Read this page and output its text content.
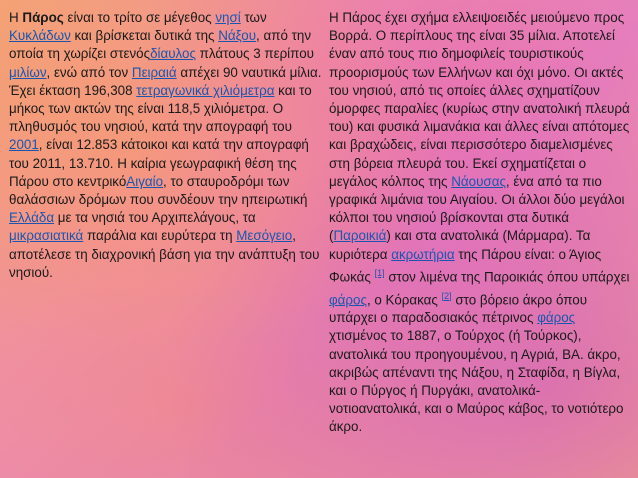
Η Πάρος είναι το τρίτο σε μέγεθος νησί των Κυκλάδων και βρίσκεται δυτικά της Νάξου, από την οποία τη χωρίζει στενόςδίαυλος πλάτους 3 περίπου μιλίων, ενώ από τον Πειραιά απέχει 90 ναυτικά μίλια. Έχει έκταση 196,308 τετραγωνικά χιλιόμετρα και το μήκος των ακτών της είναι 118,5 χιλιόμετρα. Ο πληθυσμός του νησιού, κατά την απογραφή του 2001, είναι 12.853 κάτοικοι και κατά την απογραφή του 2011, 13.710. Η καίρια γεωγραφική θέση της Πάρου στο κεντρικόΑιγαίο, το σταυροδρόμι των θαλάσσιων δρόμων που συνδέουν την ηπειρωτική Ελλάδα με τα νησιά του Αρχιπελάγους, τα μικρασιατικά παράλια και ευρύτερα τη Μεσόγειο, αποτέλεσε τη διαχρονική βάση για την ανάπτυξη του νησιού.

Η Πάρος έχει σχήμα ελλειψοειδές μειούμενο προς Βορρά. Ο περίπλους της είναι 35 μίλια. Αποτελεί έναν από τους πιο δημοφιλείς τουριστικούς προορισμούς των Ελλήνων και όχι μόνο. Οι ακτές του νησιού, από τις οποίες άλλες σχηματίζουν όμορφες παραλίες (κυρίως στην ανατολική πλευρά του) και φυσικά λιμανάκια και άλλες είναι απότομες και βραχώδεις, είναι περισσότερο διαμελισμένες στη βόρεια πλευρά του. Εκεί σχηματίζεται ο μεγάλος κόλπος της Νάουσας, ένα από τα πιο γραφικά λιμάνια του Αιγαίου. Οι άλλοι δύο μεγάλοι κόλποι του νησιού βρίσκονται στα δυτικά (Παροικιά) και στα ανατολικά (Μάρμαρα). Τα κυριότερα ακρωτήρια της Πάρου είναι: ο Άγιος Φωκάς [1] στον λιμένα της Παροικιάς όπου υπάρχει φάρος, ο Κόρακας [2] στο βόρειο άκρο όπου υπάρχει ο παραδοσιακός πέτρινος φάρος χτισμένος το 1887, ο Τούρχος (ή Τούρκος), ανατολικά του προηγουμένου, η Αγριά, ΒΑ. άκρο, ακριβώς απέναντι της Νάξου, η Σταφίδα, η Βίγλα, και ο Πύργος ή Πυργάκι, ανατολικά-νοτιοανατολικά, και ο Μαύρος κάβος, το νοτιότερο άκρο.
